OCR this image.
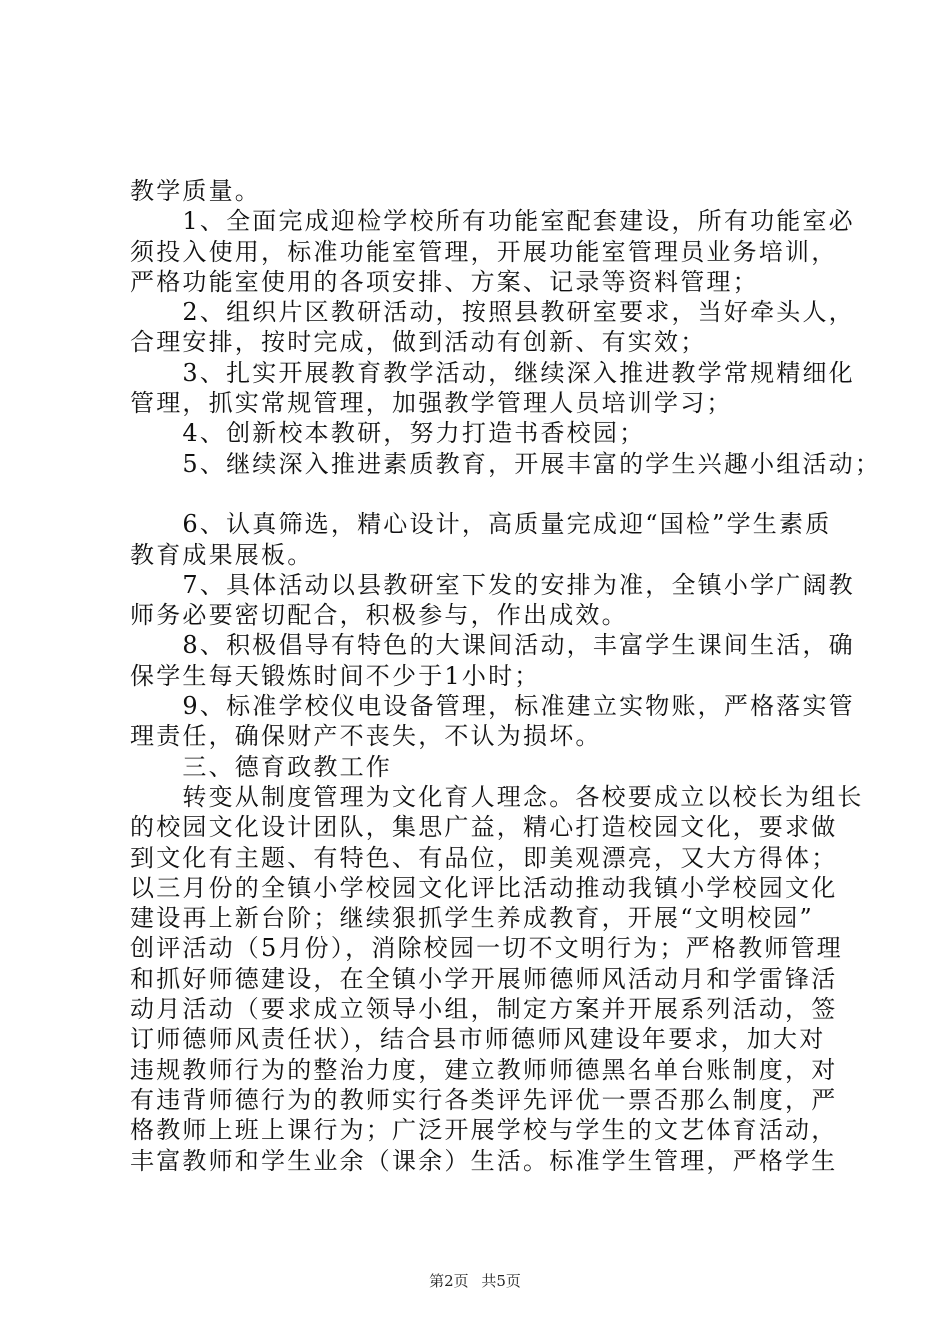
教学质量。
　　1、全面完成迎检学校所有功能室配套建设，所有功能室必
须投入使用，标准功能室管理，开展功能室管理员业务培训，
严格功能室使用的各项安排、方案、记录等资料管理；
　　2、组织片区教研活动，按照县教研室要求，当好牵头人，
合理安排，按时完成，做到活动有创新、有实效；
　　3、扎实开展教育教学活动，继续深入推进教学常规精细化
管理，抓实常规管理，加强教学管理人员培训学习；
　　4、创新校本教研，努力打造书香校园；
　　5、继续深入推进素质教育，开展丰富的学生兴趣小组活动；
　　6、认真筛选，精心设计，高质量完成迎“国检”学生素质
教育成果展板。
　　7、具体活动以县教研室下发的安排为准，全镇小学广阔教
师务必要密切配合，积极参与，作出成效。
　　8、积极倡导有特色的大课间活动，丰富学生课间生活，确
保学生每天锻炼时间不少于1小时；
　　9、标准学校仪电设备管理，标准建立实物账，严格落实管
理责任，确保财产不丧失，不认为损坏。
　　三、德育政教工作
　　转变从制度管理为文化育人理念。各校要成立以校长为组长
的校园文化设计团队，集思广益，精心打造校园文化，要求做
到文化有主题、有特色、有品位，即美观漂亮，又大方得体；
以三月份的全镇小学校园文化评比活动推动我镇小学校园文化
建设再上新台阶；继续狠抓学生养成教育，开展“文明校园”
创评活动（5月份），消除校园一切不文明行为；严格教师管理
和抓好师德建设，在全镇小学开展师德师风活动月和学雷锋活
动月活动（要求成立领导小组，制定方案并开展系列活动，签
订师德师风责任状），结合县市师德师风建设年要求，加大对
违规教师行为的整治力度，建立教师师德黑名单台账制度，对
有违背师德行为的教师实行各类评先评优一票否那么制度，严
格教师上班上课行为；广泛开展学校与学生的文艺体育活动，
丰富教师和学生业余（课余）生活。标准学生管理，严格学生
第2页 共5页
